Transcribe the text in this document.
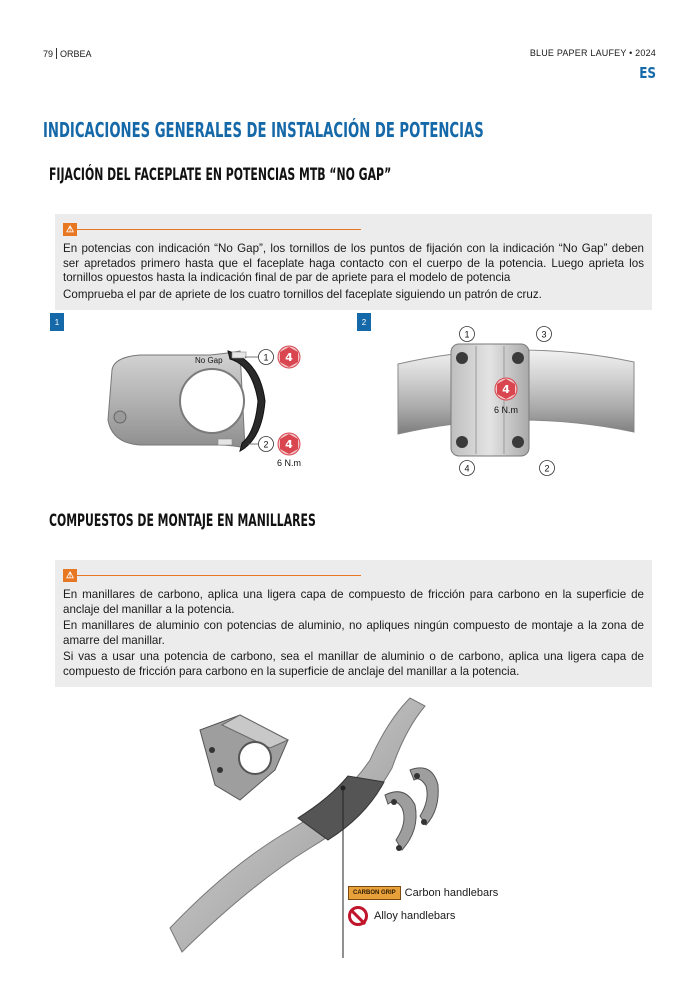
79 ORBEA	BLUE PAPER LAUFEY • 2024
ES
INDICACIONES GENERALES DE INSTALACIÓN DE POTENCIAS
FIJACIÓN DEL FACEPLATE EN POTENCIAS MTB “NO GAP”
⚠

En potencias con indicación “No Gap”, los tornillos de los puntos de fijación con la indicación “No Gap” deben ser apretados primero hasta que el faceplate haga contacto con el cuerpo de la potencia. Luego aprieta los tornillos opuestos hasta la indicación final de par de apriete para el modelo de potencia

Comprueba el par de apriete de los cuatro tornillos del faceplate siguiendo un patrón de cruz.

1
No Gap	1
2
4
4
6 N.m
2
1	3
4	2
4
6 N.m
COMPUESTOS DE MONTAJE EN MANILLARES
⚠

En manillares de carbono, aplica una ligera capa de compuesto de fricción para carbono en la superficie de anclaje del manillar a la potencia.

En manillares de aluminio con potencias de aluminio, no apliques ningún compuesto de montaje a la zona de amarre del manillar.

Si vas a usar una potencia de carbono, sea el manillar de aluminio o de carbono, aplica una ligera capa de compuesto de fricción para carbono en la superficie de anclaje del manillar a la potencia.

CARBON GRIP Carbon handlebars
Alloy handlebars
